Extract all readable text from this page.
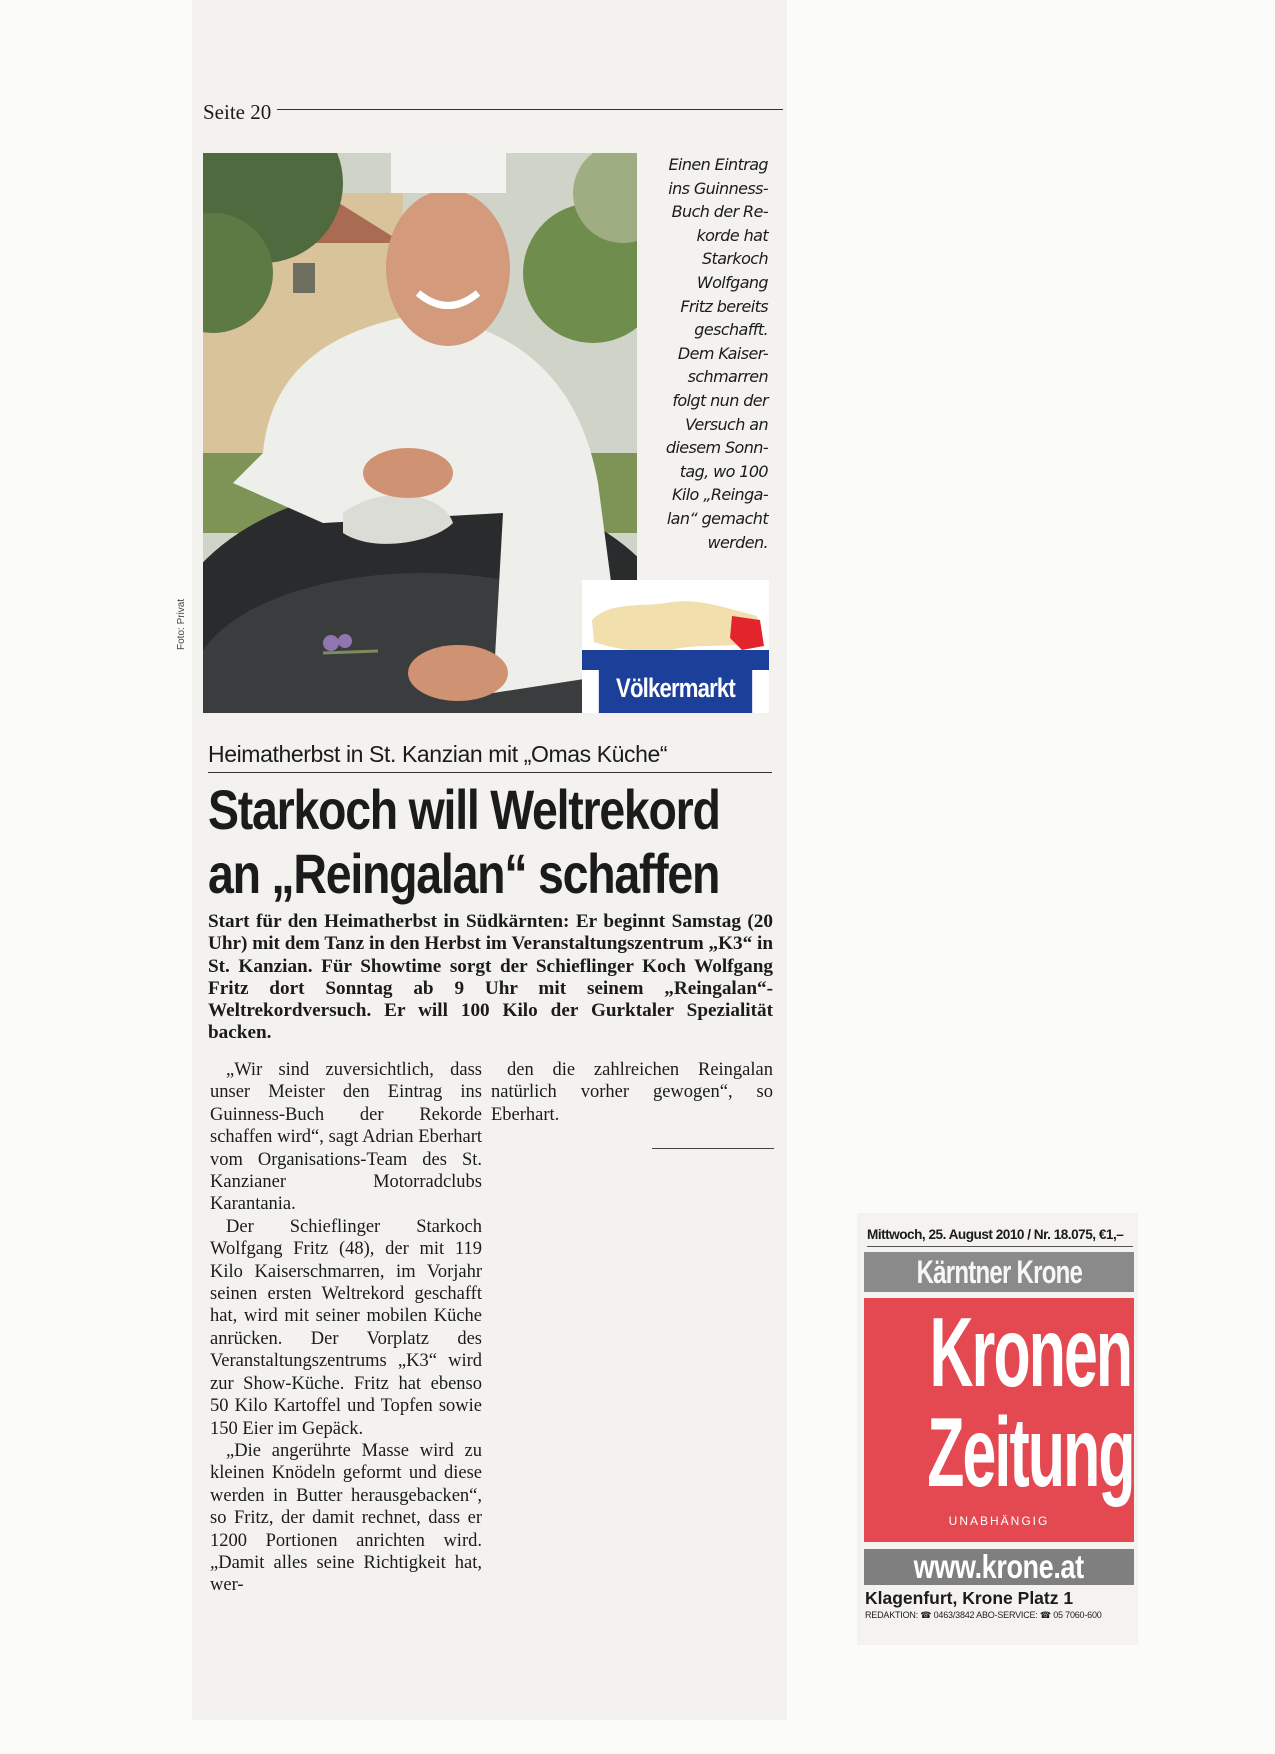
Seite 20
Foto: Privat
Einen Eintrag
ins Guinness-
Buch der Re-
korde hat
Starkoch
Wolfgang
Fritz bereits
geschafft.
Dem Kaiser-
schmarren
folgt nun der
Versuch an
diesem Sonn-
tag, wo 100
Kilo „Reinga-
lan“ gemacht
werden.
Völkermarkt
Heimatherbst in St. Kanzian mit „Omas Küche“
Starkoch will Weltrekord
an „Reingalan“ schaffen
Start für den Heimatherbst in Südkärnten: Er beginnt Samstag (20 Uhr) mit dem Tanz in den Herbst im Veranstaltungszentrum „K3“ in St. Kanzian. Für Showtime sorgt der Schieflinger Koch Wolfgang Fritz dort Sonntag ab 9 Uhr mit seinem „Reingalan“-Weltrekordversuch. Er will 100 Kilo der Gurktaler Spezialität backen.

„Wir sind zuversichtlich, dass unser Meister den Eintrag ins Guinness-Buch der Rekorde schaffen wird“, sagt Adrian Eberhart vom Organisations-Team des St. Kanzianer Motorradclubs Karantania.

Der Schieflinger Starkoch Wolfgang Fritz (48), der mit 119 Kilo Kaiserschmarren, im Vorjahr seinen ersten Weltrekord geschafft hat, wird mit seiner mobilen Küche anrücken. Der Vorplatz des Veranstaltungszentrums „K3“ wird zur Show-Küche. Fritz hat ebenso 50 Kilo Kartoffel und Topfen sowie 150 Eier im Gepäck.

„Die angerührte Masse wird zu kleinen Knödeln geformt und diese werden in Butter herausgebacken“, so Fritz, der damit rechnet, dass er 1200 Portionen anrichten wird. „Damit alles seine Richtigkeit hat, wer-

den die zahlreichen Reingalan natürlich vorher gewogen“, so Eberhart.

Mittwoch, 25. August 2010 / Nr. 18.075, €1,–
Kärntner Krone
Kronen
Zeitung
UNABHÄNGIG
www.krone.at
Klagenfurt, Krone Platz 1
REDAKTION: ☎ 0463/3842 ABO-SERVICE: ☎ 05 7060-600
